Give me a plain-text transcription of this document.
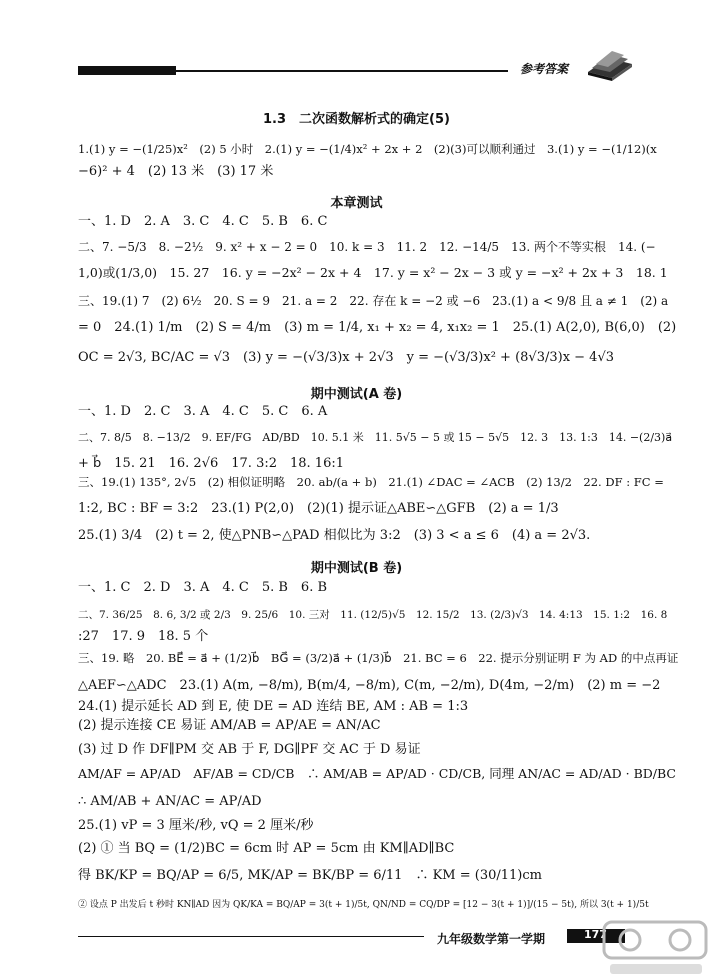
参考答案
1.3　二次函数解析式的确定(5)
1.(1) y = −(1/25)x²　(2) 5 小时　2.(1) y = −(1/4)x² + 2x + 2　(2)(3)可以顺利通过　3.(1) y = −(1/12)(x
−6)² + 4　(2) 13 米　(3) 17 米
本章测试
一、1. D　2. A　3. C　4. C　5. B　6. C
二、7. −5/3　8. −2½　9. x² + x − 2 = 0　10. k = 3　11. 2　12. −14/5　13. 两个不等实根　14. (−
1,0)或(1/3,0)　15. 27　16. y = −2x² − 2x + 4　17. y = x² − 2x − 3 或 y = −x² + 2x + 3　18. 1
三、19.(1) 7　(2) 6½　20. S = 9　21. a = 2　22. 存在 k = −2 或 −6　23.(1) a < 9/8 且 a ≠ 1　(2) a
= 0　24.(1) 1/m　(2) S = 4/m　(3) m = 1/4, x₁ + x₂ = 4, x₁x₂ = 1　25.(1) A(2,0), B(6,0)　(2)
OC = 2√3, BC/AC = √3　(3) y = −(√3/3)x + 2√3　y = −(√3/3)x² + (8√3/3)x − 4√3
期中测试(A 卷)
一、1. D　2. C　3. A　4. C　5. C　6. A
二、7. 8/5　8. −13/2　9. EF/FG　AD/BD　10. 5.1 米　11. 5√5 − 5 或 15 − 5√5　12. 3　13. 1:3　14. −(2/3)a⃗
+ b⃗　15. 21　16. 2√6　17. 3:2　18. 16:1
三、19.(1) 135°, 2√5　(2) 相似证明略　20. ab/(a + b)　21.(1) ∠DAC = ∠ACB　(2) 13/2　22. DF : FC =
1:2, BC : BF = 3:2　23.(1) P(2,0)　(2)(1) 提示证△ABE∽△GFB　(2) a = 1/3
25.(1) 3/4　(2) t = 2, 使△PNB∽△PAD 相似比为 3:2　(3) 3 < a ≤ 6　(4) a = 2√3.
期中测试(B 卷)
一、1. C　2. D　3. A　4. C　5. B　6. B
二、7. 36/25　8. 6, 3/2 或 2/3　9. 25/6　10. 三对　11. (12/5)√5　12. 15/2　13. (2/3)√3　14. 4:13　15. 1:2　16. 8
:27　17. 9　18. 5 个
三、19. 略　20. BE⃗ = a⃗ + (1/2)b⃗　BG⃗ = (3/2)a⃗ + (1/3)b⃗　21. BC = 6　22. 提示分别证明 F 为 AD 的中点再证
△AEF∽△ADC　23.(1) A(m, −8/m), B(m/4, −8/m), C(m, −2/m), D(4m, −2/m)　(2) m = −2
24.(1) 提示延长 AD 到 E, 使 DE = AD 连结 BE, AM : AB = 1:3
(2) 提示连接 CE 易证 AM/AB = AP/AE = AN/AC
(3) 过 D 作 DF∥PM 交 AB 于 F, DG∥PF 交 AC 于 D 易证
AM/AF = AP/AD　AF/AB = CD/CB　∴ AM/AB = AP/AD · CD/CB, 同理 AN/AC = AD/AD · BD/BC
∴ AM/AB + AN/AC = AP/AD
25.(1) vP = 3 厘米/秒, vQ = 2 厘米/秒
(2) ① 当 BQ = (1/2)BC = 6cm 时 AP = 5cm 由 KM∥AD∥BC
得 BK/KP = BQ/AP = 6/5, MK/AP = BK/BP = 6/11　∴ KM = (30/11)cm
② 设点 P 出发后 t 秒时 KN∥AD 因为 QK/KA = BQ/AP = 3(t + 1)/5t, QN/ND = CQ/DP = [12 − 3(t + 1)]/(15 − 5t), 所以 3(t + 1)/5t
九年级数学第一学期	177
